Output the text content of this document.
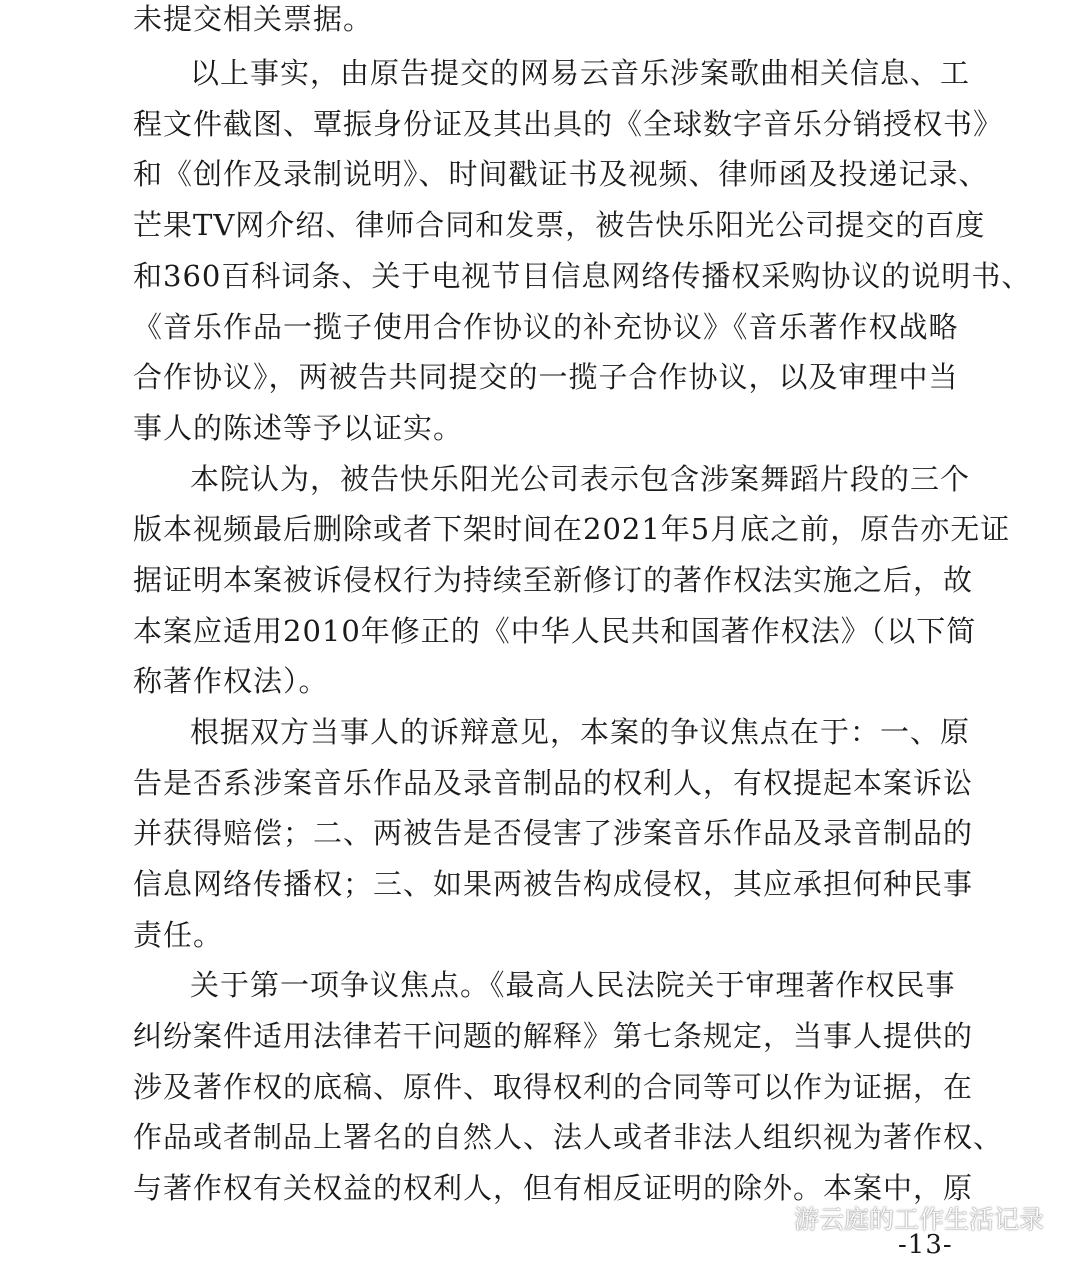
未提交相关票据。
以上事实，由原告提交的网易云音乐涉案歌曲相关信息、工
程文件截图、覃振身份证及其出具的《全球数字音乐分销授权书》
和《创作及录制说明》、时间戳证书及视频、律师函及投递记录、
芒果TV网介绍、律师合同和发票，被告快乐阳光公司提交的百度
和360百科词条、关于电视节目信息网络传播权采购协议的说明书、
《音乐作品一揽子使用合作协议的补充协议》《音乐著作权战略
合作协议》，两被告共同提交的一揽子合作协议，以及审理中当
事人的陈述等予以证实。
本院认为，被告快乐阳光公司表示包含涉案舞蹈片段的三个
版本视频最后删除或者下架时间在2021年5月底之前，原告亦无证
据证明本案被诉侵权行为持续至新修订的著作权法实施之后，故
本案应适用2010年修正的《中华人民共和国著作权法》（以下简
称著作权法）。
根据双方当事人的诉辩意见，本案的争议焦点在于：一、原
告是否系涉案音乐作品及录音制品的权利人，有权提起本案诉讼
并获得赔偿；二、两被告是否侵害了涉案音乐作品及录音制品的
信息网络传播权；三、如果两被告构成侵权，其应承担何种民事
责任。
关于第一项争议焦点。《最高人民法院关于审理著作权民事
纠纷案件适用法律若干问题的解释》第七条规定，当事人提供的
涉及著作权的底稿、原件、取得权利的合同等可以作为证据，在
作品或者制品上署名的自然人、法人或者非法人组织视为著作权、
与著作权有关权益的权利人，但有相反证明的除外。本案中，原
游云庭的工作生活记录
-13-
